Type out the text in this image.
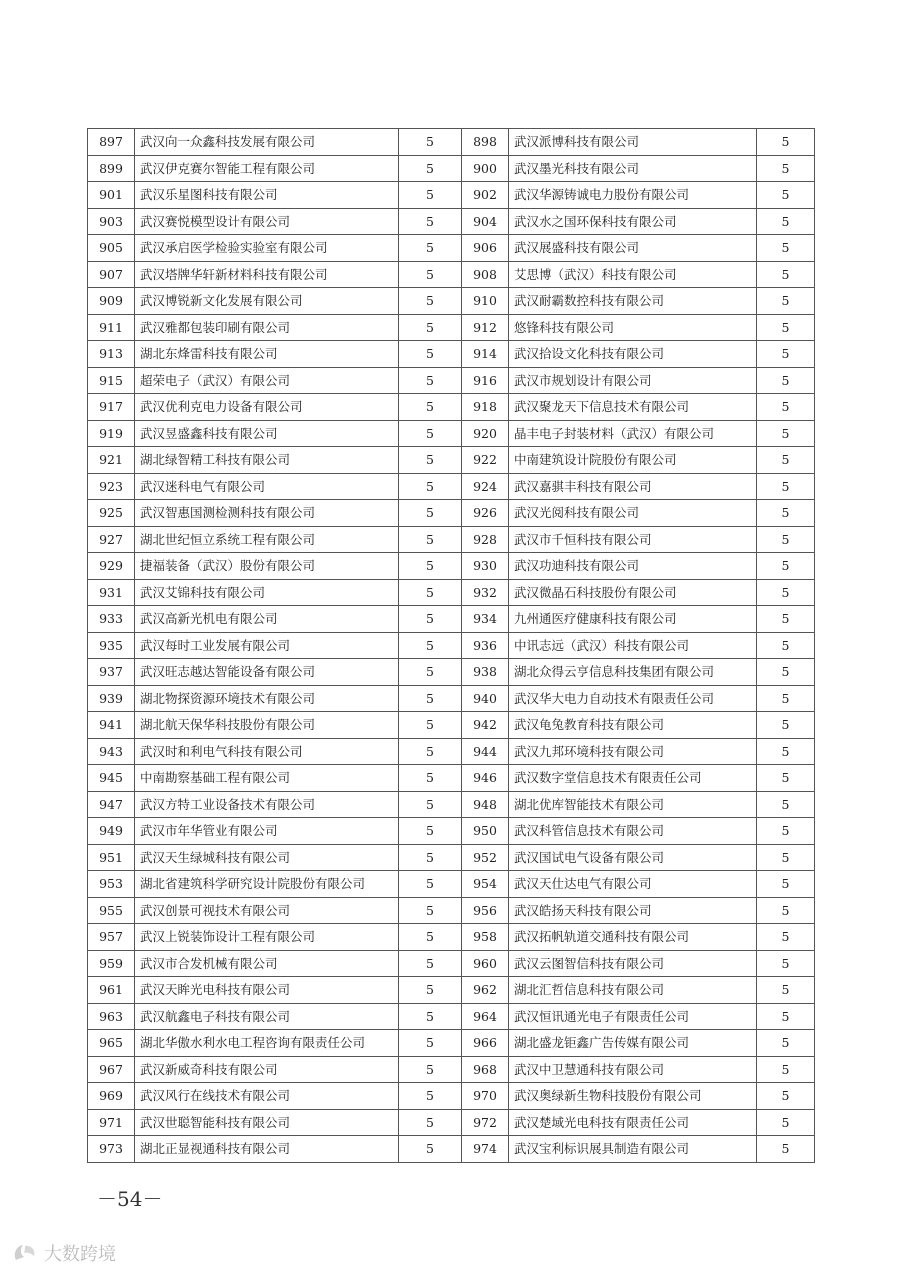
897	武汉向一众鑫科技发展有限公司	5	898	武汉派博科技有限公司	5
899	武汉伊克赛尔智能工程有限公司	5	900	武汉墨光科技有限公司	5
901	武汉乐星图科技有限公司	5	902	武汉华源铸诚电力股份有限公司	5
903	武汉赛悦模型设计有限公司	5	904	武汉水之国环保科技有限公司	5
905	武汉承启医学检验实验室有限公司	5	906	武汉展盛科技有限公司	5
907	武汉塔牌华轩新材料科技有限公司	5	908	艾思博（武汉）科技有限公司	5
909	武汉博锐新文化发展有限公司	5	910	武汉耐霸数控科技有限公司	5
911	武汉雅都包装印刷有限公司	5	912	悠锋科技有限公司	5
913	湖北东烽雷科技有限公司	5	914	武汉拾设文化科技有限公司	5
915	超荣电子（武汉）有限公司	5	916	武汉市规划设计有限公司	5
917	武汉优利克电力设备有限公司	5	918	武汉聚龙天下信息技术有限公司	5
919	武汉昱盛鑫科技有限公司	5	920	晶丰电子封装材料（武汉）有限公司	5
921	湖北绿智精工科技有限公司	5	922	中南建筑设计院股份有限公司	5
923	武汉迷科电气有限公司	5	924	武汉嘉骐丰科技有限公司	5
925	武汉智惠国测检测科技有限公司	5	926	武汉光阅科技有限公司	5
927	湖北世纪恒立系统工程有限公司	5	928	武汉市千恒科技有限公司	5
929	捷福装备（武汉）股份有限公司	5	930	武汉功迪科技有限公司	5
931	武汉艾锦科技有限公司	5	932	武汉微晶石科技股份有限公司	5
933	武汉高新光机电有限公司	5	934	九州通医疗健康科技有限公司	5
935	武汉每时工业发展有限公司	5	936	中讯志远（武汉）科技有限公司	5
937	武汉旺志越达智能设备有限公司	5	938	湖北众得云亨信息科技集团有限公司	5
939	湖北物探资源环境技术有限公司	5	940	武汉华大电力自动技术有限责任公司	5
941	湖北航天保华科技股份有限公司	5	942	武汉龟兔教育科技有限公司	5
943	武汉时和利电气科技有限公司	5	944	武汉九邦环境科技有限公司	5
945	中南勘察基础工程有限公司	5	946	武汉数字堂信息技术有限责任公司	5
947	武汉方特工业设备技术有限公司	5	948	湖北优库智能技术有限公司	5
949	武汉市年华管业有限公司	5	950	武汉科管信息技术有限公司	5
951	武汉天生绿城科技有限公司	5	952	武汉国试电气设备有限公司	5
953	湖北省建筑科学研究设计院股份有限公司	5	954	武汉天仕达电气有限公司	5
955	武汉创景可视技术有限公司	5	956	武汉皓扬天科技有限公司	5
957	武汉上锐装饰设计工程有限公司	5	958	武汉拓帆轨道交通科技有限公司	5
959	武汉市合发机械有限公司	5	960	武汉云图智信科技有限公司	5
961	武汉天眸光电科技有限公司	5	962	湖北汇哲信息科技有限公司	5
963	武汉航鑫电子科技有限公司	5	964	武汉恒讯通光电子有限责任公司	5
965	湖北华傲水利水电工程咨询有限责任公司	5	966	湖北盛龙钜鑫广告传媒有限公司	5
967	武汉新威奇科技有限公司	5	968	武汉中卫慧通科技有限公司	5
969	武汉风行在线技术有限公司	5	970	武汉奥绿新生物科技股份有限公司	5
971	武汉世聪智能科技有限公司	5	972	武汉楚域光电科技有限责任公司	5
973	湖北正显视通科技有限公司	5	974	武汉宝利标识展具制造有限公司	5
－54－
大数跨境
